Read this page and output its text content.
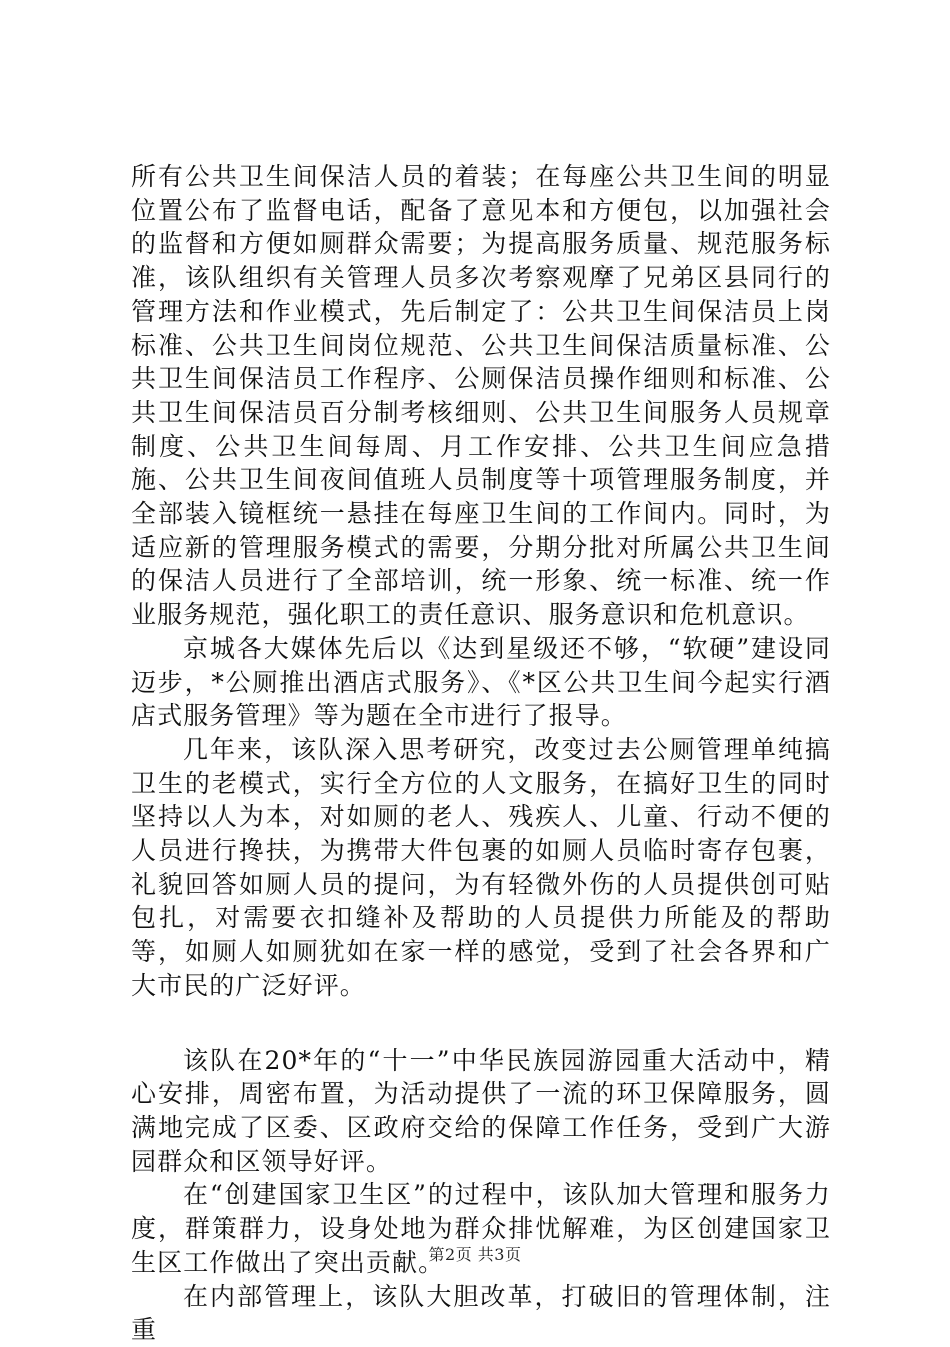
所有公共卫生间保洁人员的着装；在每座公共卫生间的明显位置公布了监督电话，配备了意见本和方便包，以加强社会的监督和方便如厕群众需要；为提高服务质量、规范服务标准，该队组织有关管理人员多次考察观摩了兄弟区县同行的管理方法和作业模式，先后制定了：公共卫生间保洁员上岗标准、公共卫生间岗位规范、公共卫生间保洁质量标准、公共卫生间保洁员工作程序、公厕保洁员操作细则和标准、公共卫生间保洁员百分制考核细则、公共卫生间服务人员规章制度、公共卫生间每周、月工作安排、公共卫生间应急措施、公共卫生间夜间值班人员制度等十项管理服务制度，并全部装入镜框统一悬挂在每座卫生间的工作间内。同时，为适应新的管理服务模式的需要，分期分批对所属公共卫生间的保洁人员进行了全部培训，统一形象、统一标准、统一作业服务规范，强化职工的责任意识、服务意识和危机意识。

京城各大媒体先后以《达到星级还不够，“软硬”建设同迈步，*公厕推出酒店式服务》、《*区公共卫生间今起实行酒店式服务管理》等为题在全市进行了报导。

几年来，该队深入思考研究，改变过去公厕管理单纯搞卫生的老模式，实行全方位的人文服务，在搞好卫生的同时坚持以人为本，对如厕的老人、残疾人、儿童、行动不便的人员进行搀扶，为携带大件包裹的如厕人员临时寄存包裹，礼貌回答如厕人员的提问，为有轻微外伤的人员提供创可贴包扎，对需要衣扣缝补及帮助的人员提供力所能及的帮助等，如厕人如厕犹如在家一样的感觉，受到了社会各界和广大市民的广泛好评。

该队在20*年的“十一”中华民族园游园重大活动中，精心安排，周密布置，为活动提供了一流的环卫保障服务，圆满地完成了区委、区政府交给的保障工作任务，受到广大游园群众和区领导好评。

在“创建国家卫生区”的过程中，该队加大管理和服务力度，群策群力，设身处地为群众排忧解难，为区创建国家卫生区工作做出了突出贡献。

在内部管理上，该队大胆改革，打破旧的管理体制，注重

第2页 共3页
